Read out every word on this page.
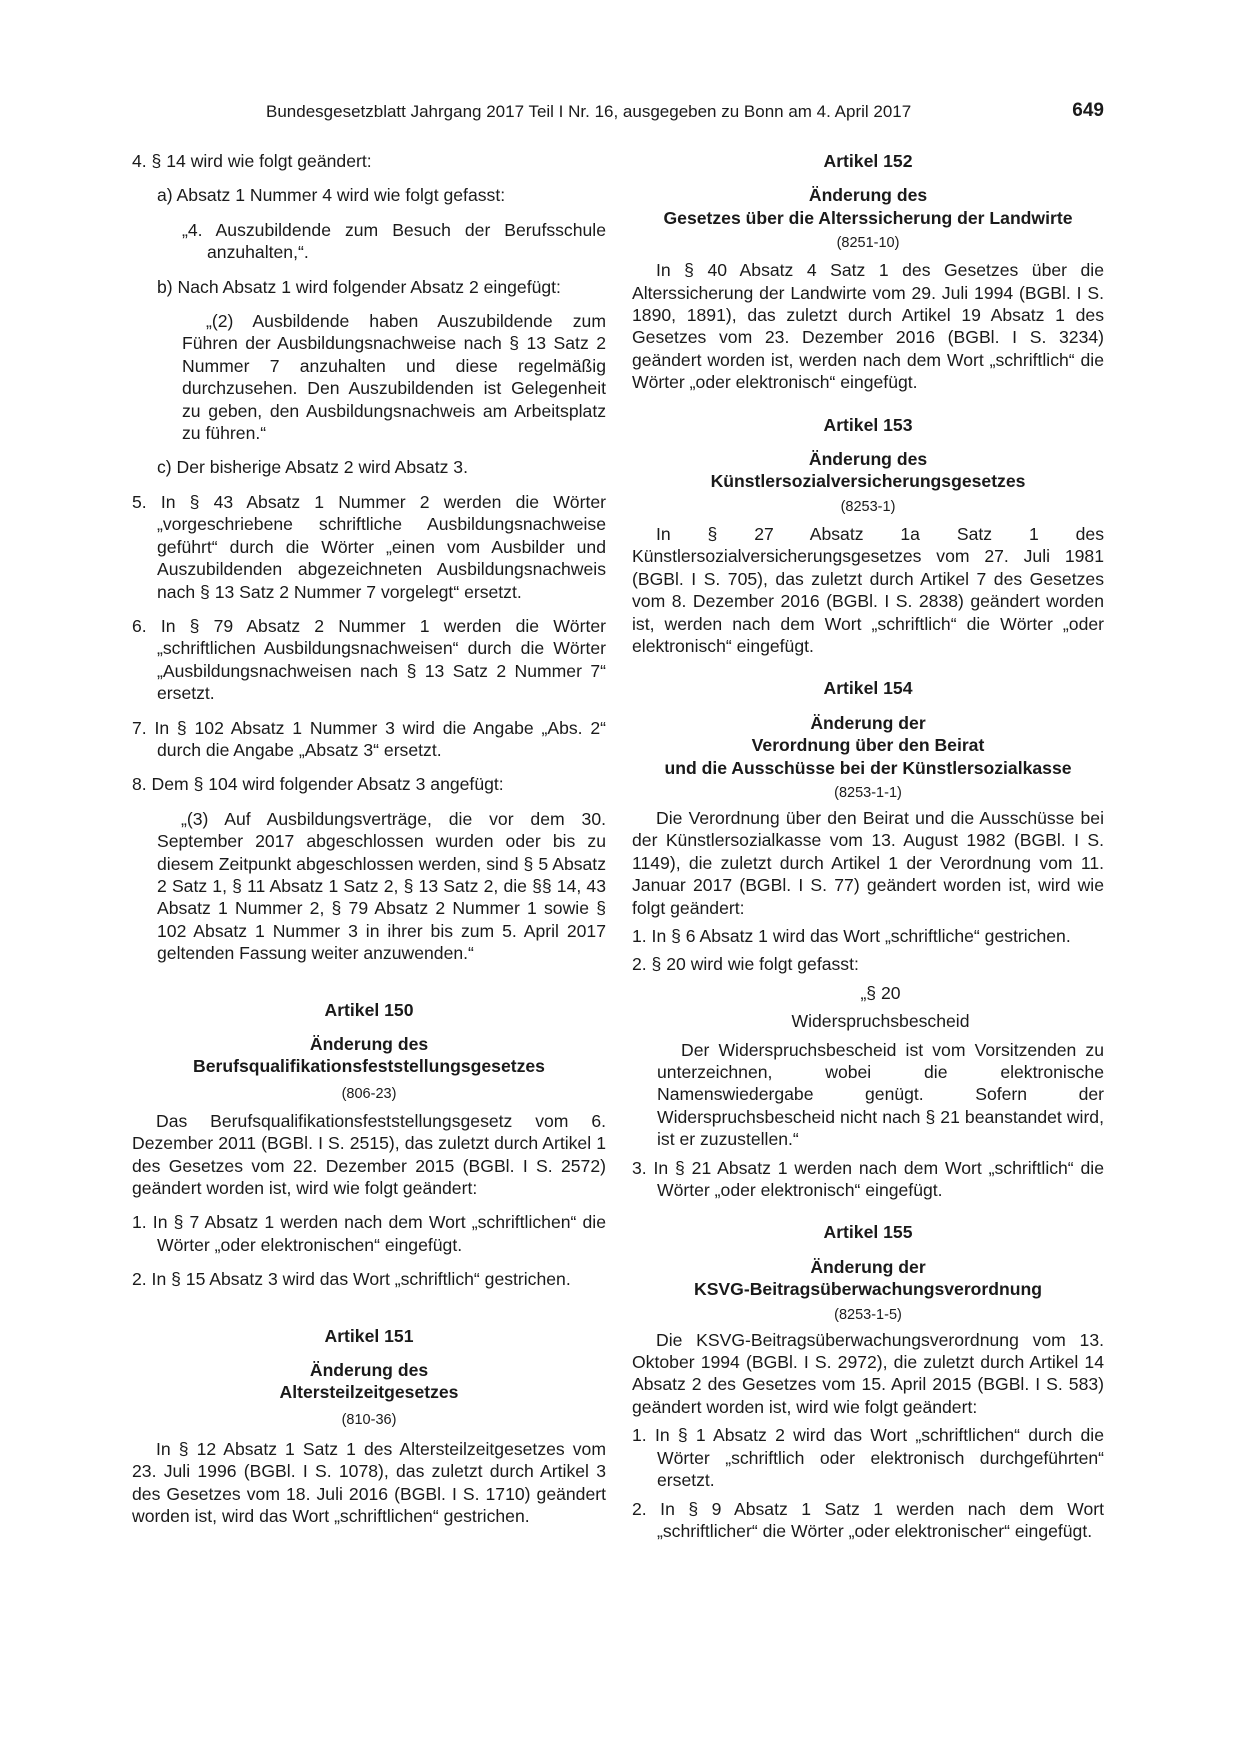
Bundesgesetzblatt Jahrgang 2017 Teil I Nr. 16, ausgegeben zu Bonn am 4. April 2017	649

4. § 14 wird wie folgt geändert:

a) Absatz 1 Nummer 4 wird wie folgt gefasst:

„4. Auszubildende zum Besuch der Berufsschule anzuhalten,“.

b) Nach Absatz 1 wird folgender Absatz 2 eingefügt:

„(2) Ausbildende haben Auszubildende zum Führen der Ausbildungsnachweise nach § 13 Satz 2 Nummer 7 anzuhalten und diese regelmäßig durchzusehen. Den Auszubildenden ist Gelegenheit zu geben, den Ausbildungsnachweis am Arbeitsplatz zu führen.“

c) Der bisherige Absatz 2 wird Absatz 3.

5. In § 43 Absatz 1 Nummer 2 werden die Wörter „vorgeschriebene schriftliche Ausbildungsnachweise geführt“ durch die Wörter „einen vom Ausbilder und Auszubildenden abgezeichneten Ausbildungsnachweis nach § 13 Satz 2 Nummer 7 vorgelegt“ ersetzt.

6. In § 79 Absatz 2 Nummer 1 werden die Wörter „schriftlichen Ausbildungsnachweisen“ durch die Wörter „Ausbildungsnachweisen nach § 13 Satz 2 Nummer 7“ ersetzt.

7. In § 102 Absatz 1 Nummer 3 wird die Angabe „Abs. 2“ durch die Angabe „Absatz 3“ ersetzt.

8. Dem § 104 wird folgender Absatz 3 angefügt:

„(3) Auf Ausbildungsverträge, die vor dem 30. September 2017 abgeschlossen wurden oder bis zu diesem Zeitpunkt abgeschlossen werden, sind § 5 Absatz 2 Satz 1, § 11 Absatz 1 Satz 2, § 13 Satz 2, die §§ 14, 43 Absatz 1 Nummer 2, § 79 Absatz 2 Nummer 1 sowie § 102 Absatz 1 Nummer 3 in ihrer bis zum 5. April 2017 geltenden Fassung weiter anzuwenden.“

Artikel 150

Änderung des

Berufsqualifikationsfeststellungsgesetzes

(806-23)

Das Berufsqualifikationsfeststellungsgesetz vom 6. Dezember 2011 (BGBl. I S. 2515), das zuletzt durch Artikel 1 des Gesetzes vom 22. Dezember 2015 (BGBl. I S. 2572) geändert worden ist, wird wie folgt geändert:

1. In § 7 Absatz 1 werden nach dem Wort „schriftlichen“ die Wörter „oder elektronischen“ eingefügt.

2. In § 15 Absatz 3 wird das Wort „schriftlich“ gestrichen.

Artikel 151

Änderung des

Altersteilzeitgesetzes

(810-36)

In § 12 Absatz 1 Satz 1 des Altersteilzeitgesetzes vom 23. Juli 1996 (BGBl. I S. 1078), das zuletzt durch Artikel 3 des Gesetzes vom 18. Juli 2016 (BGBl. I S. 1710) geändert worden ist, wird das Wort „schriftlichen“ gestrichen.

Artikel 152

Änderung des

Gesetzes über die Alterssicherung der Landwirte

(8251-10)

In § 40 Absatz 4 Satz 1 des Gesetzes über die Alterssicherung der Landwirte vom 29. Juli 1994 (BGBl. I S. 1890, 1891), das zuletzt durch Artikel 19 Absatz 1 des Gesetzes vom 23. Dezember 2016 (BGBl. I S. 3234) geändert worden ist, werden nach dem Wort „schriftlich“ die Wörter „oder elektronisch“ eingefügt.

Artikel 153

Änderung des

Künstlersozialversicherungsgesetzes

(8253-1)

In § 27 Absatz 1a Satz 1 des Künstlersozialversicherungsgesetzes vom 27. Juli 1981 (BGBl. I S. 705), das zuletzt durch Artikel 7 des Gesetzes vom 8. Dezember 2016 (BGBl. I S. 2838) geändert worden ist, werden nach dem Wort „schriftlich“ die Wörter „oder elektronisch“ eingefügt.

Artikel 154

Änderung der

Verordnung über den Beirat

und die Ausschüsse bei der Künstlersozialkasse

(8253-1-1)

Die Verordnung über den Beirat und die Ausschüsse bei der Künstlersozialkasse vom 13. August 1982 (BGBl. I S. 1149), die zuletzt durch Artikel 1 der Verordnung vom 11. Januar 2017 (BGBl. I S. 77) geändert worden ist, wird wie folgt geändert:

1. In § 6 Absatz 1 wird das Wort „schriftliche“ gestrichen.

2. § 20 wird wie folgt gefasst:

„§ 20

Widerspruchsbescheid

Der Widerspruchsbescheid ist vom Vorsitzenden zu unterzeichnen, wobei die elektronische Namenswiedergabe genügt. Sofern der Widerspruchsbescheid nicht nach § 21 beanstandet wird, ist er zuzustellen.“

3. In § 21 Absatz 1 werden nach dem Wort „schriftlich“ die Wörter „oder elektronisch“ eingefügt.

Artikel 155

Änderung der

KSVG-Beitragsüberwachungsverordnung

(8253-1-5)

Die KSVG-Beitragsüberwachungsverordnung vom 13. Oktober 1994 (BGBl. I S. 2972), die zuletzt durch Artikel 14 Absatz 2 des Gesetzes vom 15. April 2015 (BGBl. I S. 583) geändert worden ist, wird wie folgt geändert:

1. In § 1 Absatz 2 wird das Wort „schriftlichen“ durch die Wörter „schriftlich oder elektronisch durchgeführten“ ersetzt.

2. In § 9 Absatz 1 Satz 1 werden nach dem Wort „schriftlicher“ die Wörter „oder elektronischer“ eingefügt.
